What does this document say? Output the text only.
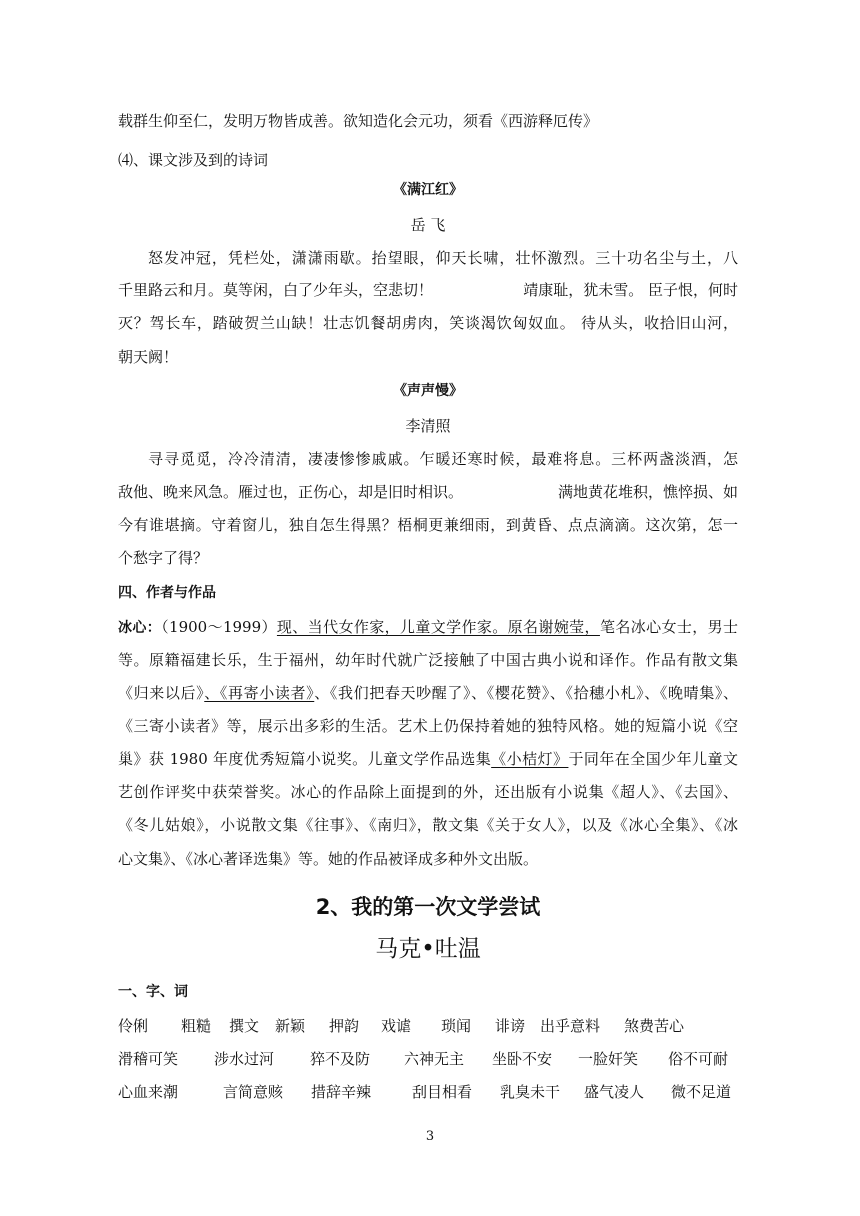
载群生仰至仁，发明万物皆成善。欲知造化会元功，须看《西游释厄传》
⑷、课文涉及到的诗词
《满江红》
岳 飞
怒发冲冠，凭栏处，潇潇雨歇。抬望眼，仰天长啸，壮怀激烈。三十功名尘与土，八
千里路云和月。莫等闲，白了少年头，空悲切！	靖康耻，犹未雪。 臣子恨，何时
灭？驾长车，踏破贺兰山缺！壮志饥餐胡虏肉，笑谈渴饮匈奴血。 待从头，收拾旧山河，
朝天阙！
《声声慢》
李清照
寻寻觅觅，冷冷清清，凄凄惨惨戚戚。乍暖还寒时候，最难将息。三杯两盏淡酒，怎
敌他、晚来风急。雁过也，正伤心，却是旧时相识。	满地黄花堆积，憔悴损、如
今有谁堪摘。守着窗儿，独自怎生得黑？梧桐更兼细雨，到黄昏、点点滴滴。这次第，怎一
个愁字了得？
四、作者与作品
冰心：（1900～1999）现、当代女作家，儿童文学作家。原名谢婉莹，笔名冰心女士，男士
等。原籍福建长乐，生于福州，幼年时代就广泛接触了中国古典小说和译作。作品有散文集
《归来以后》、《再寄小读者》、《我们把春天吵醒了》、《樱花赞》、《拾穗小札》、《晚晴集》、
《三寄小读者》等，展示出多彩的生活。艺术上仍保持着她的独特风格。她的短篇小说《空
巢》获 1980 年度优秀短篇小说奖。儿童文学作品选集《小桔灯》于同年在全国少年儿童文
艺创作评奖中获荣誉奖。冰心的作品除上面提到的外，还出版有小说集《超人》、《去国》、
《冬儿姑娘》，小说散文集《往事》、《南归》，散文集《关于女人》，以及《冰心全集》、《冰
心文集》、《冰心著译选集》等。她的作品被译成多种外文出版。
2、我的第一次文学尝试
马克•吐温
一、字、词
伶俐 粗糙 撰文 新颖 押韵 戏谑 琐闻 诽谤 出乎意料 煞费苦心
滑稽可笑 涉水过河 猝不及防 六神无主 坐卧不安 一脸奸笑 俗不可耐
心血来潮	言简意赅 措辞辛辣	刮目相看 乳臭未干 盛气凌人 微不足道
3
